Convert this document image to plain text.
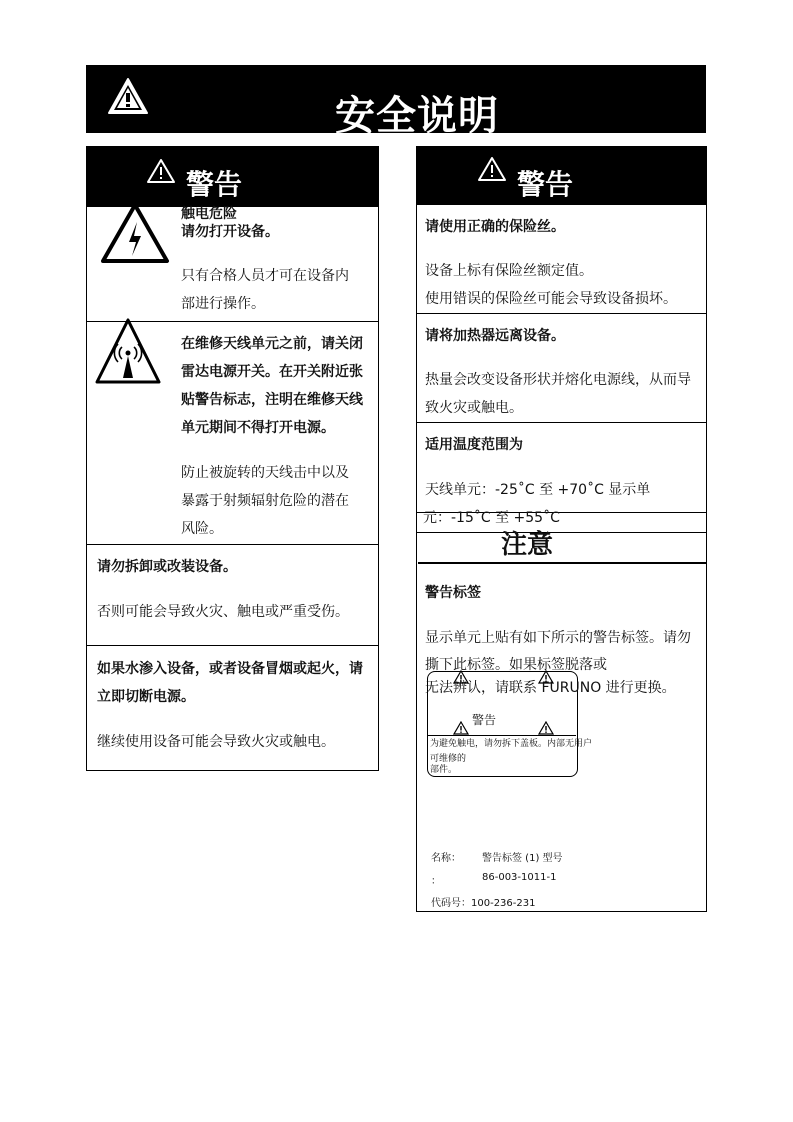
安全说明
警告
触电危险
请勿打开设备。
只有合格人员才可在设备内
部进行操作。
在维修天线单元之前，请关闭
雷达电源开关。在开关附近张
贴警告标志，注明在维修天线
单元期间不得打开电源。
防止被旋转的天线击中以及
暴露于射频辐射危险的潜在
风险。
请勿拆卸或改装设备。
否则可能会导致火灾、触电或严重受伤。
如果水渗入设备，或者设备冒烟或起火，请
立即切断电源。
继续使用设备可能会导致火灾或触电。
警告
请使用正确的保险丝。
设备上标有保险丝额定值。
使用错误的保险丝可能会导致设备损坏。
请将加热器远离设备。
热量会改变设备形状并熔化电源线，从而导
致火灾或触电。
适用温度范围为
天线单元：-25˚C 至 +70˚C 显示单
元：-15˚C 至 +55˚C
注意
警告标签
显示单元上贴有如下所示的警告标签。请勿
撕下此标签。如果标签脱落或
无法辨认，请联系 FURUNO 进行更换。
警告
为避免触电，请勿拆下盖板。内部无用户
可维修的
部件。
名称： 警告标签 (1) 型号
：	86-003-1011-1
代码号：100-236-231
